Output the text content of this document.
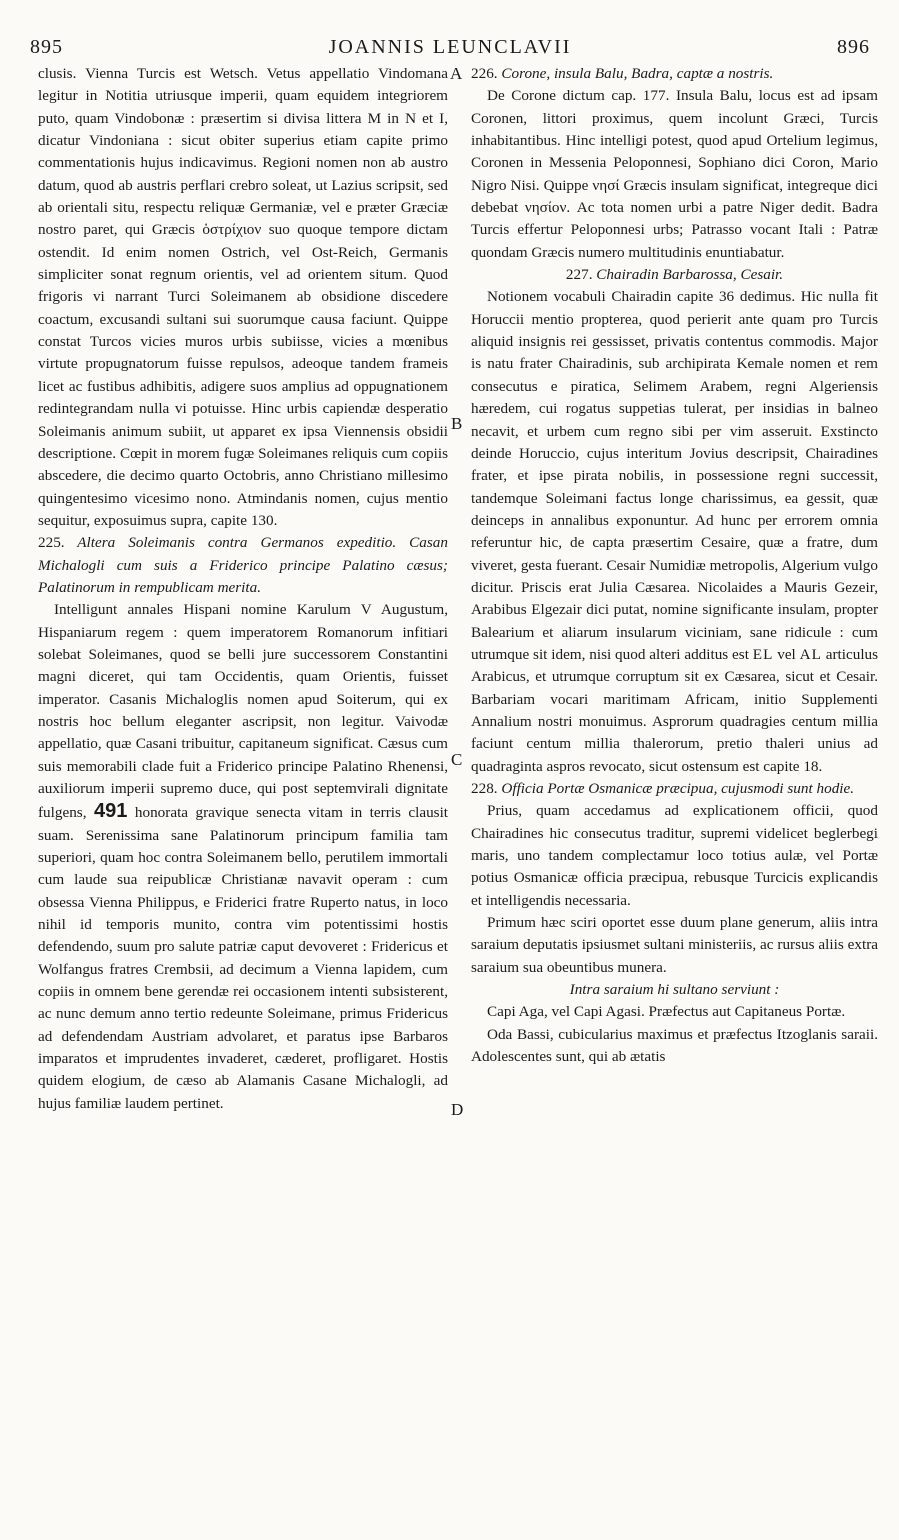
895	JOANNIS LEUNCLAVII	896
A
B
C
D

clusis. Vienna Turcis est Wetsch. Vetus appellatio Vindomana legitur in Notitia utriusque imperii, quam equidem integriorem puto, quam Vindobonæ : præsertim si divisa littera M in N et I, dicatur Vindoniana : sicut obiter superius etiam capite primo commentationis hujus indicavimus. Regioni nomen non ab austro datum, quod ab austris perflari crebro soleat, ut Lazius scripsit, sed ab orientali situ, respectu reliquæ Germaniæ, vel e præter Græciæ nostro paret, qui Græcis ὁστρίχιον suo quoque tempore dictam ostendit. Id enim nomen Ostrich, vel Ost-Reich, Germanis simpliciter sonat regnum orientis, vel ad orientem situm. Quod frigoris vi narrant Turci Soleimanem ab obsidione discedere coactum, excusandi sultani sui suorumque causa faciunt. Quippe constat Turcos vicies muros urbis subiisse, vicies a mœnibus virtute propugnatorum fuisse repulsos, adeoque tandem frameis licet ac fustibus adhibitis, adigere suos amplius ad oppugnationem redintegrandam nulla vi potuisse. Hinc urbis capiendæ desperatio Soleimanis animum subiit, ut apparet ex ipsa Viennensis obsidii descriptione. Cœpit in morem fugæ Soleimanes reliquis cum copiis abscedere, die decimo quarto Octobris, anno Christiano millesimo quingentesimo vicesimo nono. Atmindanis nomen, cujus mentio sequitur, exposuimus supra, capite 130.

225. Altera Soleimanis contra Germanos expeditio. Casan Michalogli cum suis a Friderico principe Palatino cæsus; Palatinorum in rempublicam merita.

Intelligunt annales Hispani nomine Karulum V Augustum, Hispaniarum regem : quem imperatorem Romanorum infitiari solebat Soleimanes, quod se belli jure successorem Constantini magni diceret, qui tam Occidentis, quam Orientis, fuisset imperator. Casanis Michaloglis nomen apud Soiterum, qui ex nostris hoc bellum eleganter ascripsit, non legitur. Vaivodæ appellatio, quæ Casani tribuitur, capitaneum significat. Cæsus cum suis memorabili clade fuit a Friderico principe Palatino Rhenensi, auxiliorum imperii supremo duce, qui post septemvirali dignitate fulgens, 491 honorata gravique senecta vitam in terris clausit suam. Serenissima sane Palatinorum principum familia tam superiori, quam hoc contra Soleimanem bello, perutilem immortali cum laude sua reipublicæ Christianæ navavit operam : cum obsessa Vienna Philippus, e Friderici fratre Ruperto natus, in loco nihil id temporis munito, contra vim potentissimi hostis defendendo, suum pro salute patriæ caput devoveret : Fridericus et Wolfangus fratres Crembsii, ad decimum a Vienna lapidem, cum copiis in omnem bene gerendæ rei occasionem intenti subsisterent, ac nunc demum anno tertio redeunte Soleimane, primus Fridericus ad defendendam Austriam advolaret, et paratus ipse Barbaros imparatos et imprudentes invaderet, cæderet, profligaret. Hostis quidem elogium, de cæso ab Alamanis Casane Michalogli, ad hujus familiæ laudem pertinet.

226. Corone, insula Balu, Badra, captæ a nostris.

De Corone dictum cap. 177. Insula Balu, locus est ad ipsam Coronen, littori proximus, quem incolunt Græci, Turcis inhabitantibus. Hinc intelligi potest, quod apud Ortelium legimus, Coronen in Messenia Peloponnesi, Sophiano dici Coron, Mario Nigro Nisi. Quippe νησί Græcis insulam significat, integreque dici debebat νησίον. Ac tota nomen urbi a patre Niger dedit. Badra Turcis effertur Peloponnesi urbs; Patrasso vocant Itali : Patræ quondam Græcis numero multitudinis enuntiabatur.

227. Chairadin Barbarossa, Cesair.

Notionem vocabuli Chairadin capite 36 dedimus. Hic nulla fit Horuccii mentio propterea, quod perierit ante quam pro Turcis aliquid insignis rei gessisset, privatis contentus commodis. Major is natu frater Chairadinis, sub archipirata Kemale nomen et rem consecutus e piratica, Selimem Arabem, regni Algeriensis hæredem, cui rogatus suppetias tulerat, per insidias in balneo necavit, et urbem cum regno sibi per vim asseruit. Exstincto deinde Horuccio, cujus interitum Jovius descripsit, Chairadines frater, et ipse pirata nobilis, in possessione regni successit, tandemque Soleimani factus longe charissimus, ea gessit, quæ deinceps in annalibus exponuntur. Ad hunc per errorem omnia referuntur hic, de capta præsertim Cesaire, quæ a fratre, dum viveret, gesta fuerant. Cesair Numidiæ metropolis, Algerium vulgo dicitur. Priscis erat Julia Cæsarea. Nicolaides a Mauris Gezeir, Arabibus Elgezair dici putat, nomine significante insulam, propter Balearium et aliarum insularum viciniam, sane ridicule : cum utrumque sit idem, nisi quod alteri additus est EL vel AL articulus Arabicus, et utrumque corruptum sit ex Cæsarea, sicut et Cesair. Barbariam vocari maritimam Africam, initio Supplementi Annalium nostri monuimus. Asprorum quadragies centum millia faciunt centum millia thalerorum, pretio thaleri unius ad quadraginta aspros revocato, sicut ostensum est capite 18.

228. Officia Portæ Osmanicæ præcipua, cujusmodi sunt hodie.

Prius, quam accedamus ad explicationem officii, quod Chairadines hic consecutus traditur, supremi videlicet beglerbegi maris, uno tandem complectamur loco totius aulæ, vel Portæ potius Osmanicæ officia præcipua, rebusque Turcicis explicandis et intelligendis necessaria.

Primum hæc sciri oportet esse duum plane generum, aliis intra saraium deputatis ipsiusmet sultani ministeriis, ac rursus aliis extra saraium sua obeuntibus munera.

Intra saraium hi sultano serviunt :

Capi Aga, vel Capi Agasi. Præfectus aut Capitaneus Portæ.

Oda Bassi, cubicularius maximus et præfectus Itzoglanis saraii. Adolescentes sunt, qui ab ætatis
